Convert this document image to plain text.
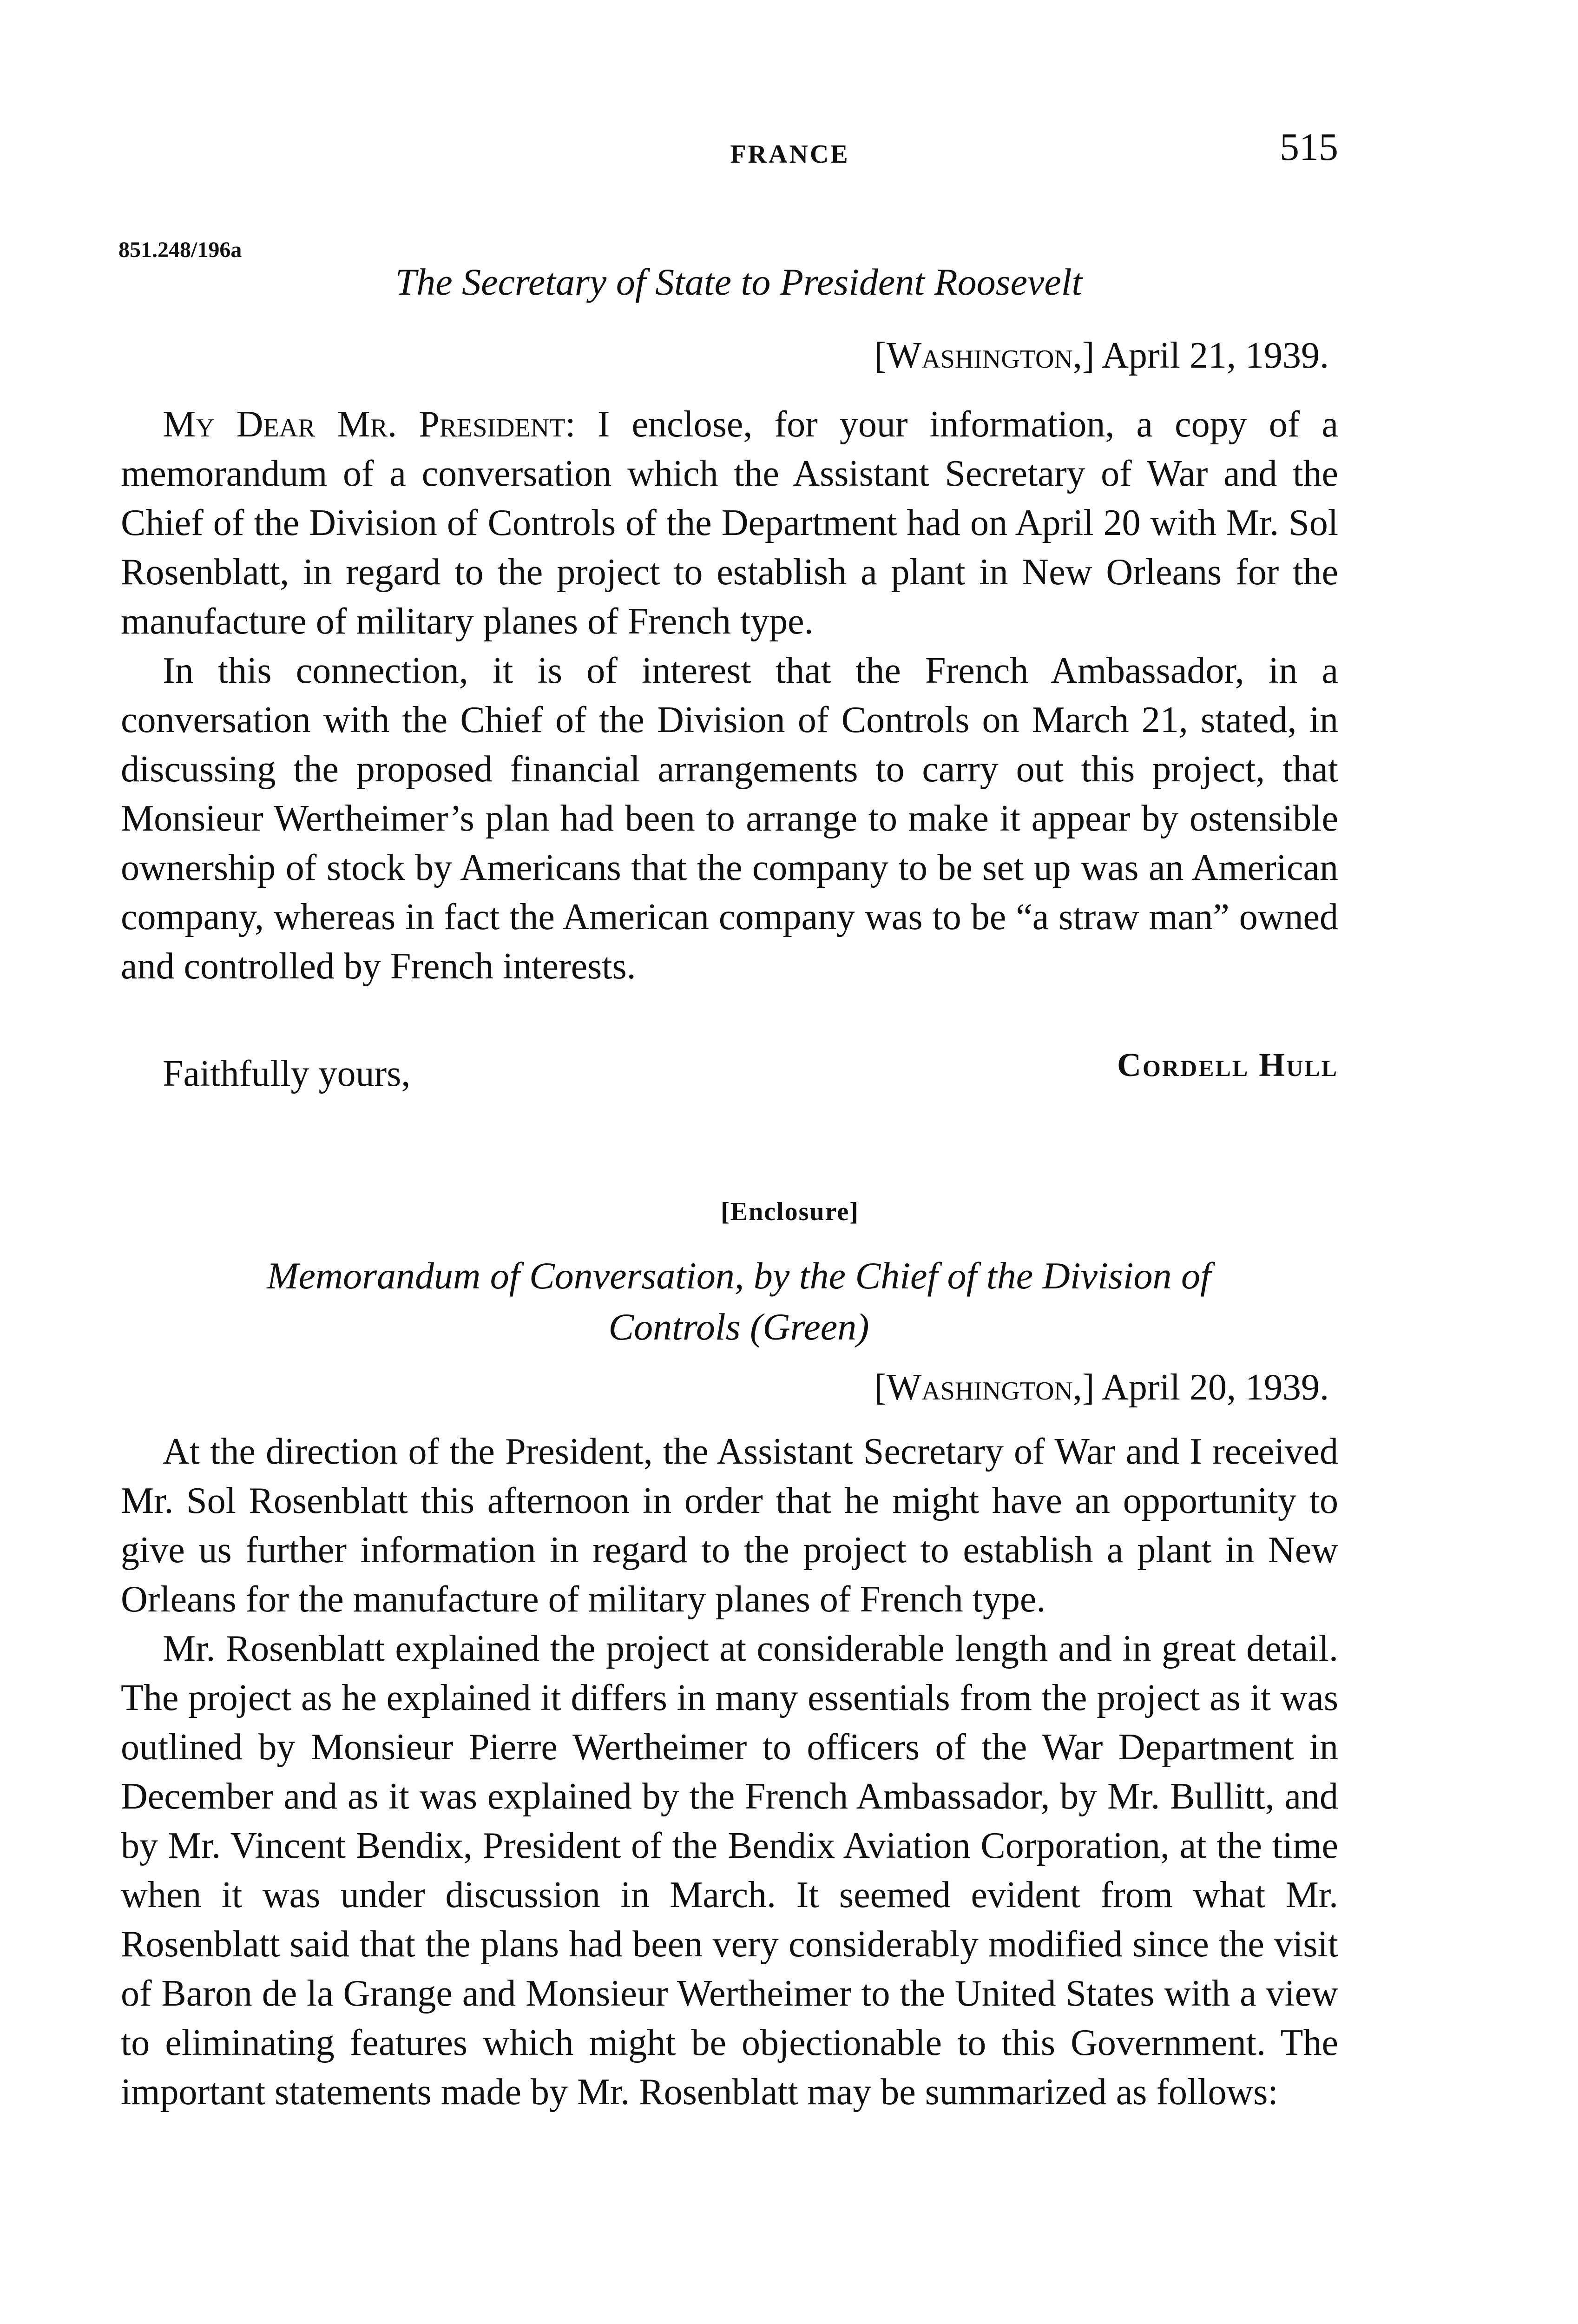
FRANCE	515
851.248/196a
The Secretary of State to President Roosevelt
[Washington,] April 21, 1939.

My Dear Mr. President: I enclose, for your information, a copy of a memorandum of a conversation which the Assistant Secretary of War and the Chief of the Division of Controls of the Department had on April 20 with Mr. Sol Rosenblatt, in regard to the project to establish a plant in New Orleans for the manufacture of military planes of French type.

In this connection, it is of interest that the French Ambassador, in a conversation with the Chief of the Division of Controls on March 21, stated, in discussing the proposed financial arrangements to carry out this project, that Monsieur Wertheimer’s plan had been to arrange to make it appear by ostensible ownership of stock by Americans that the company to be set up was an American company, whereas in fact the American company was to be “a straw man” owned and controlled by French interests.

Faithfully yours,	Cordell Hull
[Enclosure]
Memorandum of Conversation, by the Chief of the Division of
Controls (Green)
[Washington,] April 20, 1939.

At the direction of the President, the Assistant Secretary of War and I received Mr. Sol Rosenblatt this afternoon in order that he might have an opportunity to give us further information in regard to the project to establish a plant in New Orleans for the manufacture of military planes of French type.

Mr. Rosenblatt explained the project at considerable length and in great detail. The project as he explained it differs in many essentials from the project as it was outlined by Monsieur Pierre Wertheimer to officers of the War Department in December and as it was explained by the French Ambassador, by Mr. Bullitt, and by Mr. Vincent Bendix, President of the Bendix Aviation Corporation, at the time when it was under discussion in March. It seemed evident from what Mr. Rosenblatt said that the plans had been very considerably modified since the visit of Baron de la Grange and Monsieur Wertheimer to the United States with a view to eliminating features which might be objectionable to this Government. The important statements made by Mr. Rosenblatt may be summarized as follows:
